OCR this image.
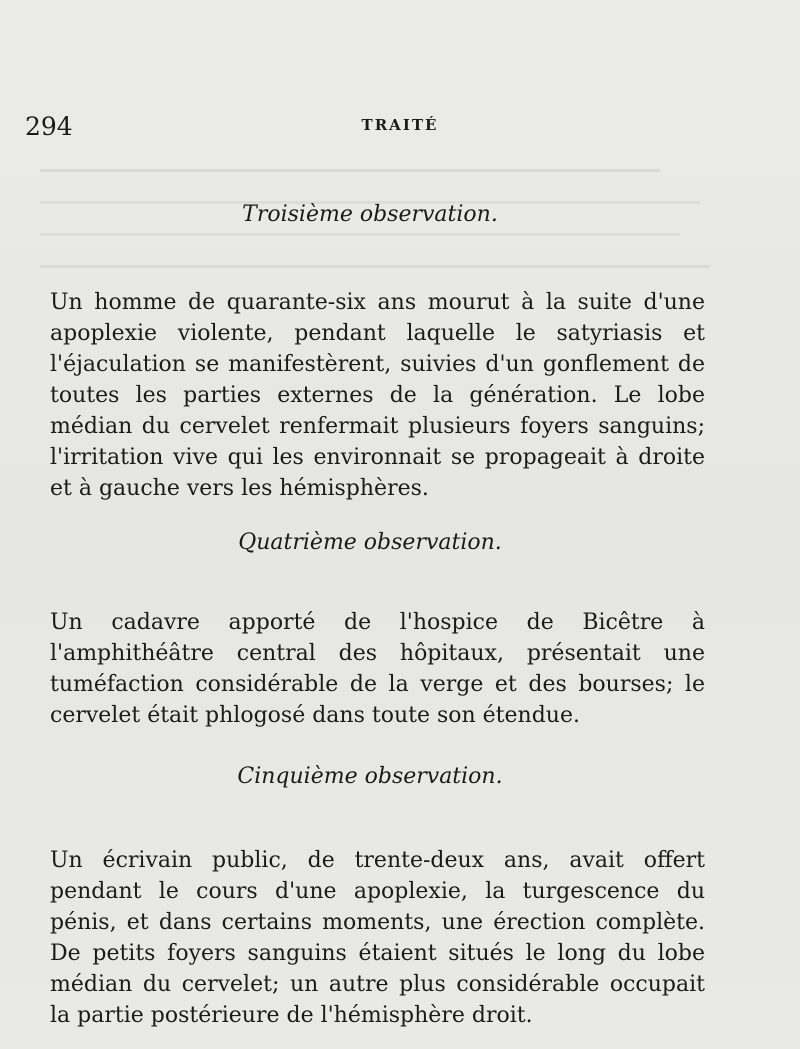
294	TRAITÉ
Troisième observation.
Un homme de quarante-six ans mourut à la suite d'une apoplexie violente, pendant laquelle le satyriasis et l'éjaculation se manifestèrent, suivies d'un gonflement de toutes les parties externes de la génération. Le lobe médian du cervelet renfermait plusieurs foyers sanguins; l'irritation vive qui les environnait se propageait à droite et à gauche vers les hémisphères.
Quatrième observation.
Un cadavre apporté de l'hospice de Bicêtre à l'amphithéâtre central des hôpitaux, présentait une tuméfaction considérable de la verge et des bourses; le cervelet était phlogosé dans toute son étendue.
Cinquième observation.
Un écrivain public, de trente-deux ans, avait offert pendant le cours d'une apoplexie, la turgescence du pénis, et dans certains moments, une érection complète. De petits foyers sanguins étaient situés le long du lobe médian du cervelet; un autre plus considérable occupait la partie postérieure de l'hémisphère droit.
